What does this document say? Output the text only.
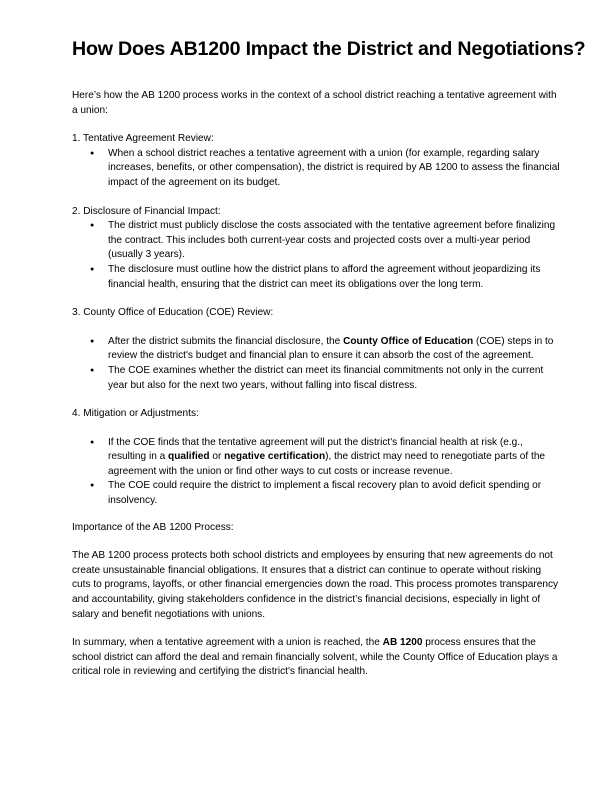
How Does AB1200 Impact the District and Negotiations?

Here’s how the AB 1200 process works in the context of a school district reaching a tentative agreement with a union:

1. Tentative Agreement Review:
● When a school district reaches a tentative agreement with a union (for example, regarding salary increases, benefits, or other compensation), the district is required by AB 1200 to assess the financial impact of the agreement on its budget.
2. Disclosure of Financial Impact:
● The district must publicly disclose the costs associated with the tentative agreement before finalizing the contract. This includes both current-year costs and projected costs over a multi-year period (usually 3 years).
● The disclosure must outline how the district plans to afford the agreement without jeopardizing its financial health, ensuring that the district can meet its obligations over the long term.
3. County Office of Education (COE) Review:
● After the district submits the financial disclosure, the County Office of Education (COE) steps in to review the district's budget and financial plan to ensure it can absorb the cost of the agreement.
● The COE examines whether the district can meet its financial commitments not only in the current year but also for the next two years, without falling into fiscal distress.
4. Mitigation or Adjustments:
● If the COE finds that the tentative agreement will put the district's financial health at risk (e.g., resulting in a qualified or negative certification), the district may need to renegotiate parts of the agreement with the union or find other ways to cut costs or increase revenue.
● The COE could require the district to implement a fiscal recovery plan to avoid deficit spending or insolvency.

Importance of the AB 1200 Process:

The AB 1200 process protects both school districts and employees by ensuring that new agreements do not create unsustainable financial obligations. It ensures that a district can continue to operate without risking cuts to programs, layoffs, or other financial emergencies down the road. This process promotes transparency and accountability, giving stakeholders confidence in the district’s financial decisions, especially in light of salary and benefit negotiations with unions.

In summary, when a tentative agreement with a union is reached, the AB 1200 process ensures that the school district can afford the deal and remain financially solvent, while the County Office of Education plays a critical role in reviewing and certifying the district's financial health.
